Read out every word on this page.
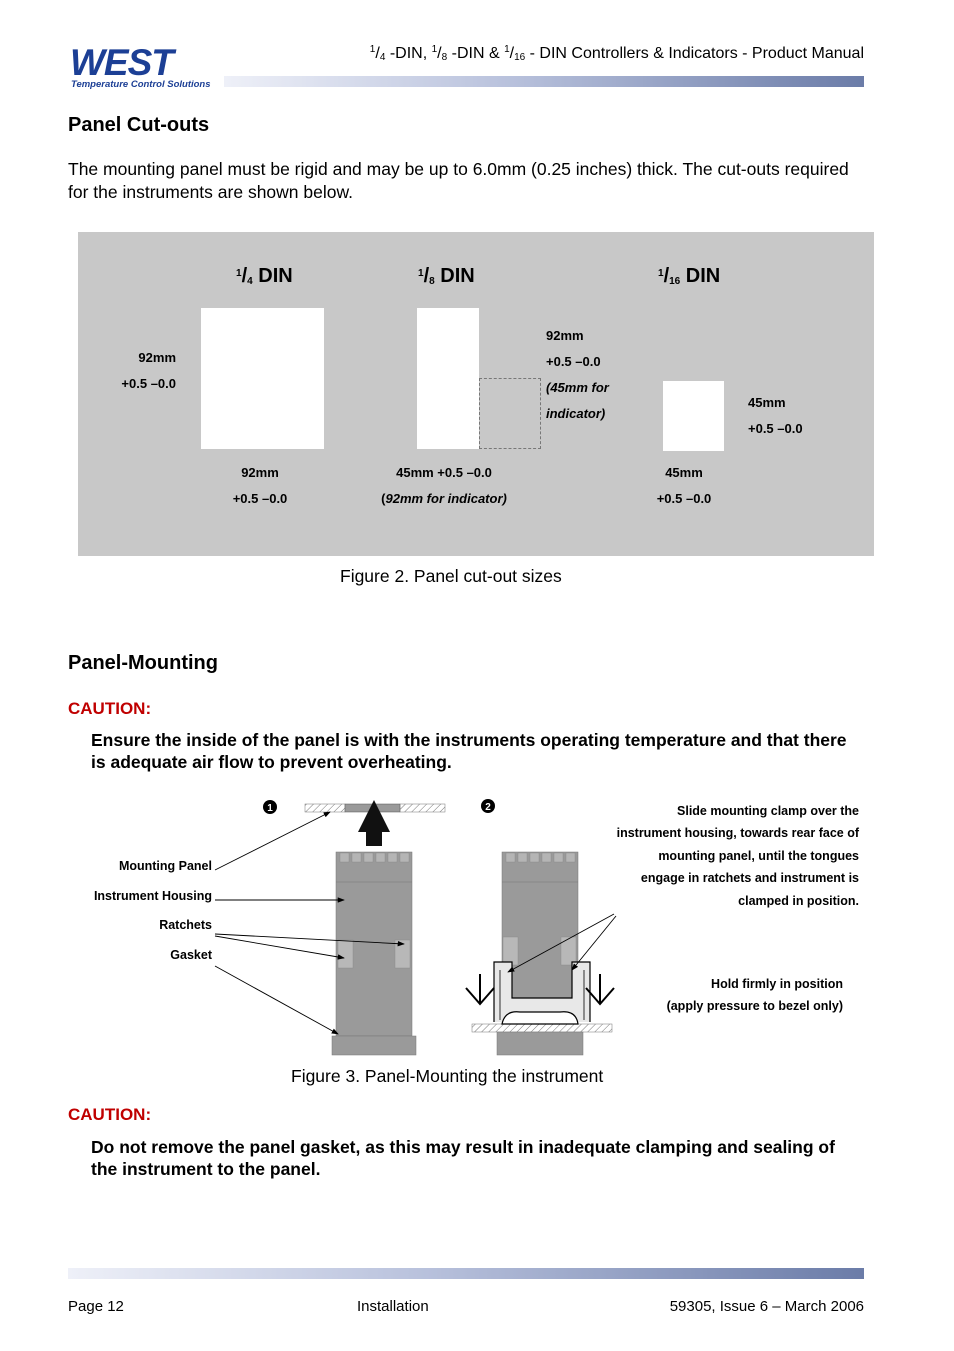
WEST
Temperature Control Solutions
$^1/_4$ -DIN, $^1/_8$ -DIN & $^1/_{16}$ - DIN Controllers & Indicators - Product Manual
Panel Cut-outs
The mounting panel must be rigid and may be up to 6.0mm (0.25 inches) thick. The cut-outs required for the instruments are shown below.
$^1/_4$ DIN
92mm
+0.5 –0.0
92mm
+0.5 –0.0
$^1/_8$ DIN
92mm
+0.5 –0.0
(45mm for
indicator)
45mm +0.5 –0.0
(92mm for indicator)
$^1/_{16}$ DIN
45mm
+0.5 –0.0
45mm
+0.5 –0.0
Figure 2. Panel cut-out sizes
Panel-Mounting
CAUTION:
Ensure the inside of the panel is with the instruments operating temperature and that there is adequate air flow to prevent overheating.
1	2
Mounting Panel
Instrument Housing
Ratchets
Gasket
Slide mounting clamp over the
instrument housing, towards rear face of
mounting panel, until the tongues
engage in ratchets and instrument is
clamped in position.
Hold firmly in position
(apply pressure to bezel only)
Figure 3. Panel-Mounting the instrument
CAUTION:
Do not remove the panel gasket, as this may result in inadequate clamping and sealing of the instrument to the panel.
Page 12	Installation	59305, Issue 6 – March 2006
